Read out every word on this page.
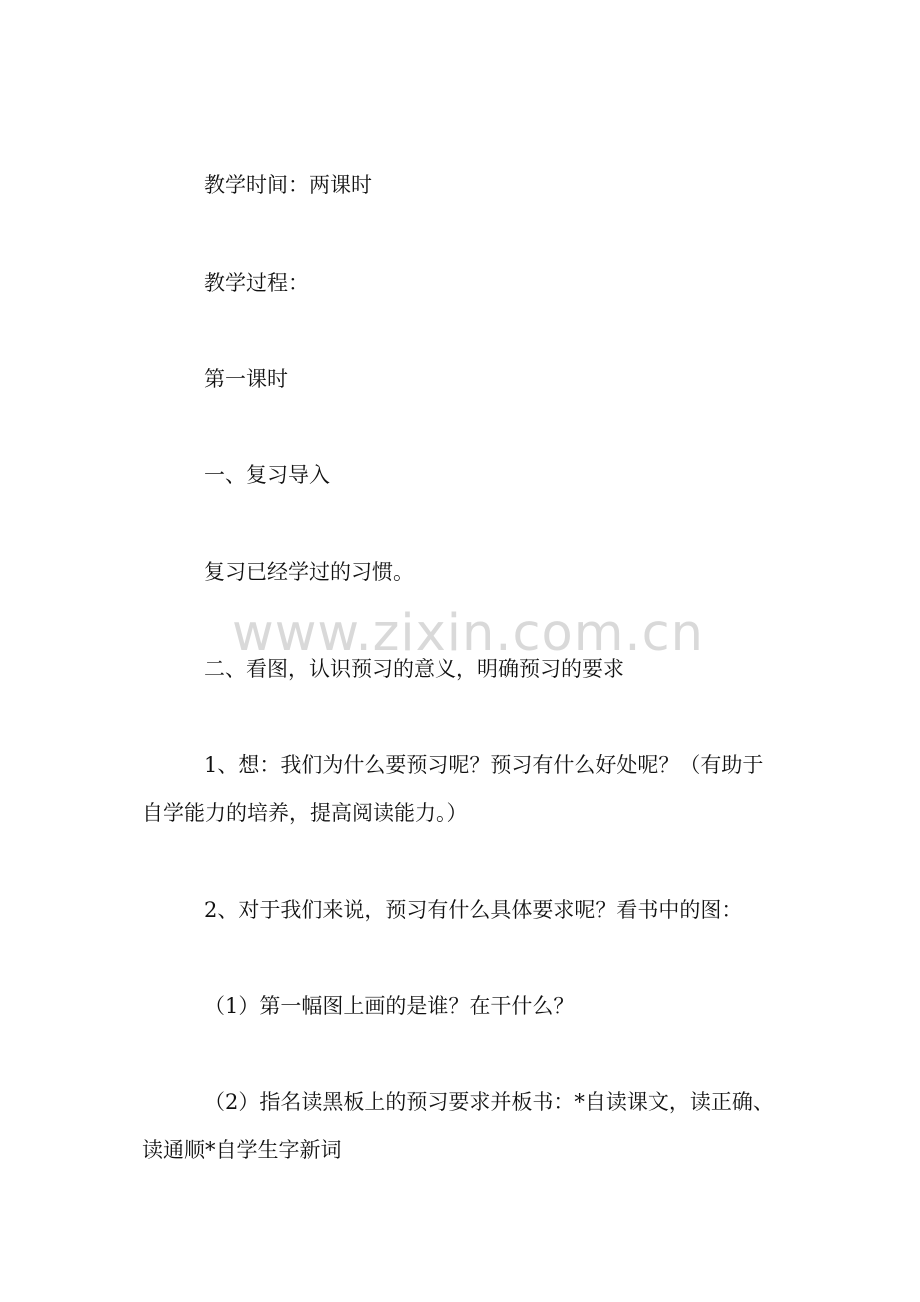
www.zixin.com.cn
教学时间：两课时
教学过程：
第一课时
一、复习导入
复习已经学过的习惯。
二、看图，认识预习的意义，明确预习的要求
1、想：我们为什么要预习呢？预习有什么好处呢？（有助于
自学能力的培养，提高阅读能力。）
2、对于我们来说，预习有什么具体要求呢？看书中的图：
（1）第一幅图上画的是谁？在干什么？
（2）指名读黑板上的预习要求并板书：*自读课文，读正确、
读通顺*自学生字新词
